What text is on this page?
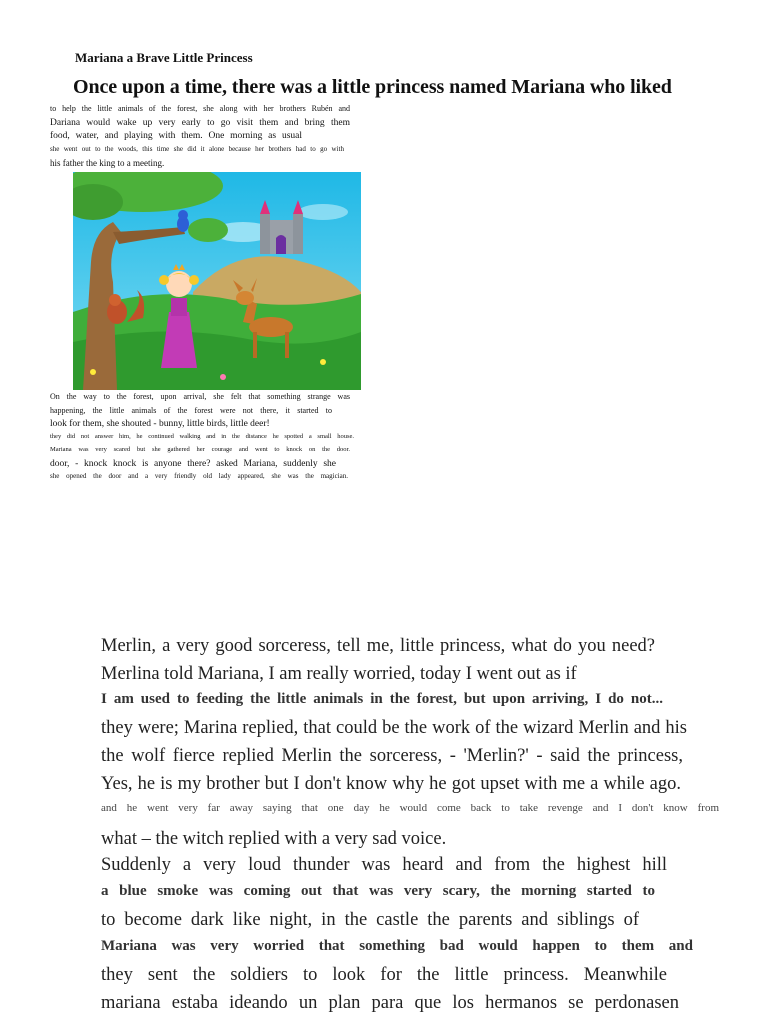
Mariana a Brave Little Princess
Once upon a time, there was a little princess named Mariana who liked
to help the little animals of the forest, she along with her brothers Rubén and
Dariana would wake up very early to go visit them and bring them
food, water, and playing with them. One morning as usual
she went out to the woods, this time she did it alone because her brothers had to go with
his father the king to a meeting.
On the way to the forest, upon arrival, she felt that something strange was
happening, the little animals of the forest were not there, it started to
look for them, she shouted - bunny, little birds, little deer!
they did not answer him, he continued walking and in the distance he spotted a small house.
Mariana was very scared but she gathered her courage and went to knock on the door.
door, - knock knock is anyone there? asked Mariana, suddenly she
she opened the door and a very friendly old lady appeared, she was the magician.
Merlin, a very good sorceress, tell me, little princess, what do you need?
Merlina told Mariana, I am really worried, today I went out as if
I am used to feeding the little animals in the forest, but upon arriving, I do not...
they were; Marina replied, that could be the work of the wizard Merlin and his
the wolf fierce replied Merlin the sorceress, - 'Merlin?' - said the princess,
Yes, he is my brother but I don't know why he got upset with me a while ago.
and he went very far away saying that one day he would come back to take revenge and I don't know from
what – the witch replied with a very sad voice.
Suddenly a very loud thunder was heard and from the highest hill
a blue smoke was coming out that was very scary, the morning started to
to become dark like night, in the castle the parents and siblings of
Mariana was very worried that something bad would happen to them and
they sent the soldiers to look for the little princess. Meanwhile
mariana estaba ideando un plan para que los hermanos se perdonasen
